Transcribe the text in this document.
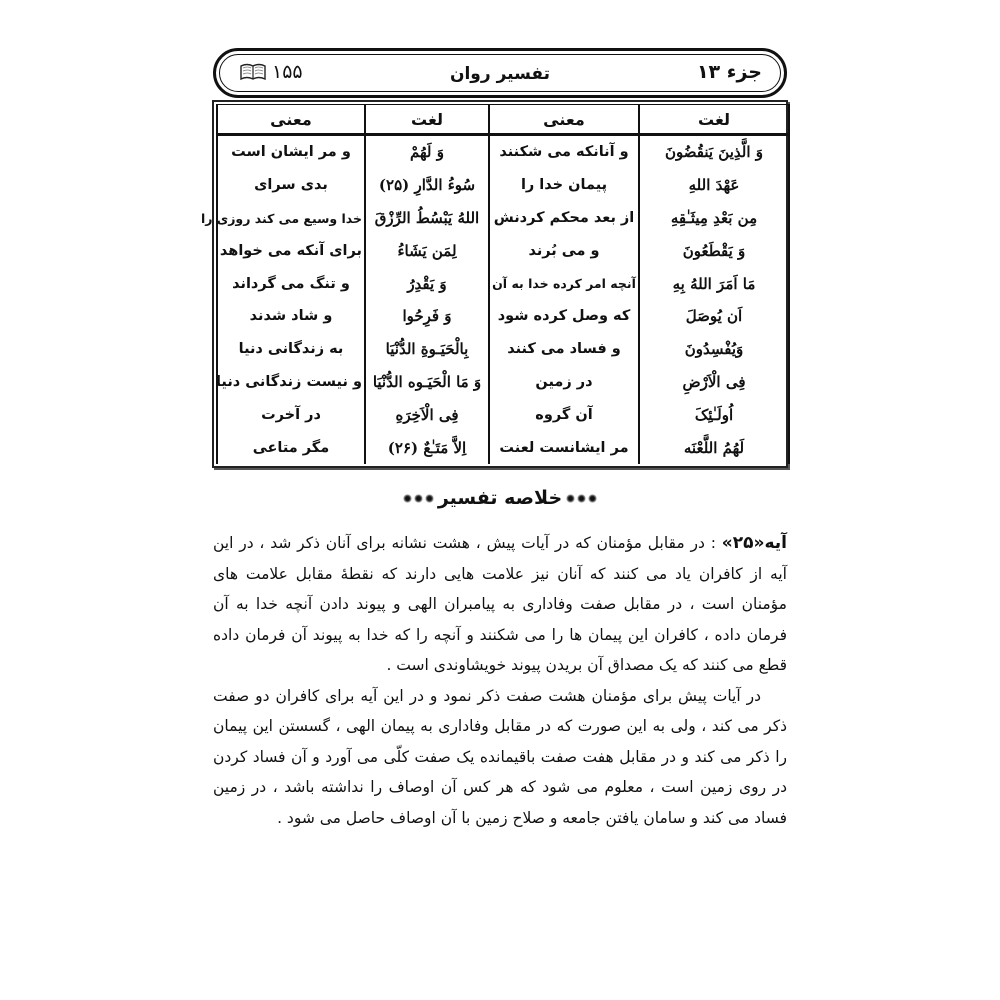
۱۵۵	تفسیر روان	جزء ۱۳
لغت	معنی	لغت	معنی
وَ الَّذِینَ یَنقُضُونَ	و آنانکه می شکنند	وَ لَهُمْ	و مر ایشان است
عَهْدَ اللهِ	پیمان خدا را	سُوءُ الدَّارِ (۲۵)	بدی سرای
مِن بَعْدِ مِیثَـٰقِهِ	از بعد محکم کردنش	اللهُ یَبْسُطُ الرِّزْقَ	خدا وسیع می کند روزی را
وَ یَقْطَعُونَ	و می بُرند	لِمَن یَشَاءُ	برای آنکه می خواهد
مَا اَمَرَ اللهُ بِهِ	آنچه امر کرده خدا به آن	وَ یَقْدِرُ	و تنگ می گرداند
اَن یُوصَلَ	که وصل کرده شود	وَ فَرِحُوا	و شاد شدند
وَیُفْسِدُونَ	و فساد می کنند	بِالْحَیَـوةِ الدُّنْیَا	به زندگانی دنیا
فِی الْاَرْضِ	در زمین	وَ مَا الْحَیَـوه الدُّنْیَا	و نیست زندگانی دنیا
اُولَـٰئِکَ	آن گروه	فِی الْاَخِرَهِ	در آخرت
لَهُمُ اللَّعْنَه	مر ایشانست لعنت	اِلاَّ مَتَـٰعٌ (۲۶)	مگر متاعی
خلاصه تفسیر

آیه«۲۵» : در مقابل مؤمنان که در آیات پیش ، هشت نشانه برای آنان ذکر شد ، در این آیه از کافران یاد می کنند که آنان نیز علامت هایی دارند که نقطهٔ مقابل علامت های مؤمنان است ، در مقابل صفت وفاداری به پیامبران الهی و پیوند دادن آنچه خدا به آن فرمان داده ، کافران این پیمان ها را می شکنند و آنچه را که خدا به پیوند آن فرمان داده قطع می کنند که یک مصداق آن بریدن پیوند خویشاوندی است .

در آیات پیش برای مؤمنان هشت صفت ذکر نمود و در این آیه برای کافران دو صفت ذکر می کند ، ولی به این صورت که در مقابل وفاداری به پیمان الهی ، گسستن این پیمان را ذکر می کند و در مقابل هفت صفت باقیمانده یک صفت کلّی می آورد و آن فساد کردن در روی زمین است ، معلوم می شود که هر کس آن اوصاف را نداشته باشد ، در زمین فساد می کند و سامان یافتن جامعه و صلاح زمین با آن اوصاف حاصل می شود .
